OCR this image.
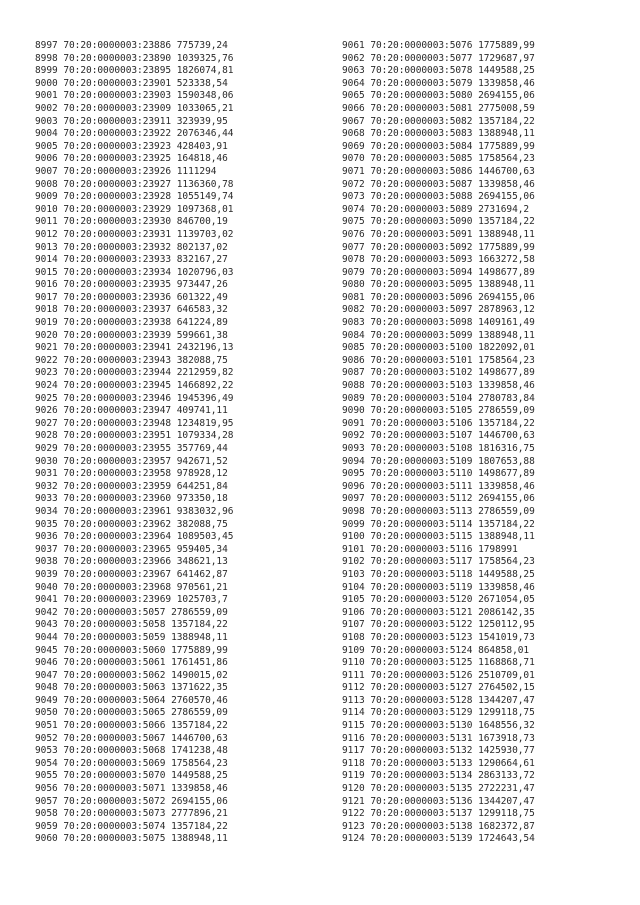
8997 70:20:0000003:23886 775739,24
8998 70:20:0000003:23890 1039325,76
8999 70:20:0000003:23895 1826074,81
9000 70:20:0000003:23901 523338,54
9001 70:20:0000003:23903 1590348,06
9002 70:20:0000003:23909 1033065,21
9003 70:20:0000003:23911 323939,95
9004 70:20:0000003:23922 2076346,44
9005 70:20:0000003:23923 428403,91
9006 70:20:0000003:23925 164818,46
9007 70:20:0000003:23926 1111294
9008 70:20:0000003:23927 1136360,78
9009 70:20:0000003:23928 1055149,74
9010 70:20:0000003:23929 1097368,01
9011 70:20:0000003:23930 846700,19
9012 70:20:0000003:23931 1139703,02
9013 70:20:0000003:23932 802137,02
9014 70:20:0000003:23933 832167,27
9015 70:20:0000003:23934 1020796,03
9016 70:20:0000003:23935 973447,26
9017 70:20:0000003:23936 601322,49
9018 70:20:0000003:23937 646583,32
9019 70:20:0000003:23938 641224,89
9020 70:20:0000003:23939 599661,38
9021 70:20:0000003:23941 2432196,13
9022 70:20:0000003:23943 382088,75
9023 70:20:0000003:23944 2212959,82
9024 70:20:0000003:23945 1466892,22
9025 70:20:0000003:23946 1945396,49
9026 70:20:0000003:23947 409741,11
9027 70:20:0000003:23948 1234819,95
9028 70:20:0000003:23951 1079334,28
9029 70:20:0000003:23955 357769,44
9030 70:20:0000003:23957 942671,52
9031 70:20:0000003:23958 978928,12
9032 70:20:0000003:23959 644251,84
9033 70:20:0000003:23960 973350,18
9034 70:20:0000003:23961 9383032,96
9035 70:20:0000003:23962 382088,75
9036 70:20:0000003:23964 1089503,45
9037 70:20:0000003:23965 959405,34
9038 70:20:0000003:23966 348621,13
9039 70:20:0000003:23967 641462,87
9040 70:20:0000003:23968 970561,21
9041 70:20:0000003:23969 1025703,7
9042 70:20:0000003:5057 2786559,09
9043 70:20:0000003:5058 1357184,22
9044 70:20:0000003:5059 1388948,11
9045 70:20:0000003:5060 1775889,99
9046 70:20:0000003:5061 1761451,86
9047 70:20:0000003:5062 1490015,02
9048 70:20:0000003:5063 1371622,35
9049 70:20:0000003:5064 2760570,46
9050 70:20:0000003:5065 2786559,09
9051 70:20:0000003:5066 1357184,22
9052 70:20:0000003:5067 1446700,63
9053 70:20:0000003:5068 1741238,48
9054 70:20:0000003:5069 1758564,23
9055 70:20:0000003:5070 1449588,25
9056 70:20:0000003:5071 1339858,46
9057 70:20:0000003:5072 2694155,06
9058 70:20:0000003:5073 2777896,21
9059 70:20:0000003:5074 1357184,22
9060 70:20:0000003:5075 1388948,11
9061 70:20:0000003:5076 1775889,99
9062 70:20:0000003:5077 1729687,97
9063 70:20:0000003:5078 1449588,25
9064 70:20:0000003:5079 1339858,46
9065 70:20:0000003:5080 2694155,06
9066 70:20:0000003:5081 2775008,59
9067 70:20:0000003:5082 1357184,22
9068 70:20:0000003:5083 1388948,11
9069 70:20:0000003:5084 1775889,99
9070 70:20:0000003:5085 1758564,23
9071 70:20:0000003:5086 1446700,63
9072 70:20:0000003:5087 1339858,46
9073 70:20:0000003:5088 2694155,06
9074 70:20:0000003:5089 2731694,2
9075 70:20:0000003:5090 1357184,22
9076 70:20:0000003:5091 1388948,11
9077 70:20:0000003:5092 1775889,99
9078 70:20:0000003:5093 1663272,58
9079 70:20:0000003:5094 1498677,89
9080 70:20:0000003:5095 1388948,11
9081 70:20:0000003:5096 2694155,06
9082 70:20:0000003:5097 2878963,12
9083 70:20:0000003:5098 1409161,49
9084 70:20:0000003:5099 1388948,11
9085 70:20:0000003:5100 1822092,01
9086 70:20:0000003:5101 1758564,23
9087 70:20:0000003:5102 1498677,89
9088 70:20:0000003:5103 1339858,46
9089 70:20:0000003:5104 2780783,84
9090 70:20:0000003:5105 2786559,09
9091 70:20:0000003:5106 1357184,22
9092 70:20:0000003:5107 1446700,63
9093 70:20:0000003:5108 1816316,75
9094 70:20:0000003:5109 1807653,88
9095 70:20:0000003:5110 1498677,89
9096 70:20:0000003:5111 1339858,46
9097 70:20:0000003:5112 2694155,06
9098 70:20:0000003:5113 2786559,09
9099 70:20:0000003:5114 1357184,22
9100 70:20:0000003:5115 1388948,11
9101 70:20:0000003:5116 1798991
9102 70:20:0000003:5117 1758564,23
9103 70:20:0000003:5118 1449588,25
9104 70:20:0000003:5119 1339858,46
9105 70:20:0000003:5120 2671054,05
9106 70:20:0000003:5121 2086142,35
9107 70:20:0000003:5122 1250112,95
9108 70:20:0000003:5123 1541019,73
9109 70:20:0000003:5124 864858,01
9110 70:20:0000003:5125 1168868,71
9111 70:20:0000003:5126 2510709,01
9112 70:20:0000003:5127 2764502,15
9113 70:20:0000003:5128 1344207,47
9114 70:20:0000003:5129 1299118,75
9115 70:20:0000003:5130 1648556,32
9116 70:20:0000003:5131 1673918,73
9117 70:20:0000003:5132 1425930,77
9118 70:20:0000003:5133 1290664,61
9119 70:20:0000003:5134 2863133,72
9120 70:20:0000003:5135 2722231,47
9121 70:20:0000003:5136 1344207,47
9122 70:20:0000003:5137 1299118,75
9123 70:20:0000003:5138 1682372,87
9124 70:20:0000003:5139 1724643,54
